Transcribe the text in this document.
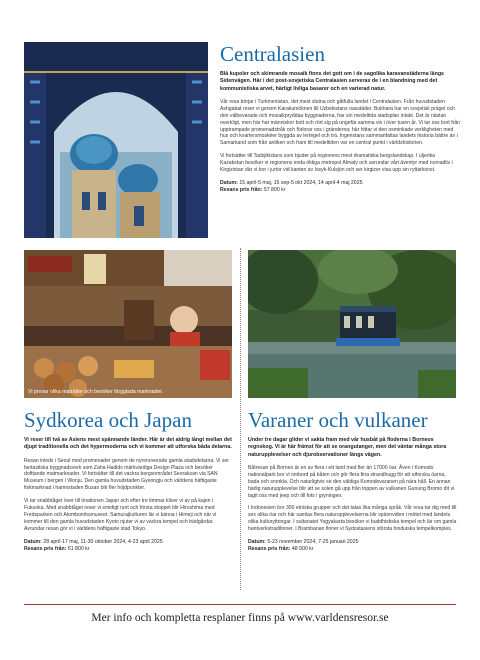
Centralasien

Blå kupoler och skimrande mosaik finns det gott om i de sagolika karavanstäderna längs Sidenvägen. Här i det post-sovjetiska Centralasien serveras de i en blandning med det kommunistiska arvet, härligt livliga basarer och en varierad natur.

Vår resa börjar i Turkmenistan, det mest slutna och gåtfulla landet i Centralasien. Från huvudstaden Ashgabat reser vi genom Karakumöknen till Uzbekistans oasstäder. Bukhara har en sovjetisk prägel och den välbevarade och mosaikpryddaa byggnaderna, har sin medeltida stadsplan intakt. Det är nästan overkligt, men här har människor bott och rört sig på ungefär samma vis i över tusen år. Vi tar oss bort från upptrampade promenadstråk och förlorar oss i gränderna; här hittar vi den osminkade verkligheten med hus och kvartersmoskéer byggda av lertegel och trä. Ingenstans sammanfattas landets historia bättre än i Samarkand som från antiken och fram till medeltiden var en central punkt i världshistorien.

Vi fortsätter till Tadzjikistans som bjuder på regionens mest dramatiska bergslandskap. I uljerika Kazakstan besöker vi regionens enda riktiga metropol Almaty och avrundar vårt äventyr med nomadliv i Kirgizistan där vi bor i jurtor vid kanten av Issyk-Kulsjön och ser kirgizer visa upp sin ryttarkonst.

Datum: 15 april-5 maj, 15 sep-5 okt 2024, 14 april-4 maj 2025

Resans pris från: 57 800 kr

Vi provar olika maträtter och besöker färgglada marknader.
Sydkorea och Japan

Vi reser till två av Asiens mest spännande länder. Här är det aldrig långt mellan det djupt traditionella och det hypermoderna och vi kommer att utforska båda delarna.

Resan inleds i Seoul med promenader genom de nyrenoverade gamla stadsdelarna. Vi ser fantastiska byggnadsverk som Zaha Hadids märkvärdiga Design Plaza och besöker dofttande matmarknader. Vi fortsätter till det vackra bergsområdet Seoraksan via SAN Museum i bergen i Wonju. Den gamla huvudstaden Gyeongju och världens häftigaste fiskmarknad i hamnstaden Busan blir fler höjdpunkter.

Vi tar snabbtåget över till önationen Japan och efter tre timmar kliver vi av på kajen i Fukuoka. Med snabbtåget reser vi smidigt runt och första stoppet blir Hiroshima med Fredsparken och Atombombsmuseet. Samurajkulturen lär vi känna i Himeji och när vi kommer till den gamla huvudstaden Kyoto njuter vi av vackra tempel och trädgårdar. Avrundar resan gör vi i världens häftigaste stad Tokyo.

Datum: 28 april-17 maj, 11-30 oktober 2024, 4-23 april 2025

Resans pris från: 61 800 kr

Varaner och vulkaner

Under tre dagar glider vi sakta fram med vår husbåt på floderna i Borneos regnskog. Vi är här främst för att se orangutanger, men det väntar många stora naturupplevelser och djurobservationer längs vägen.

Båtresan på Borneo är en av flera i ett land med fler än 17000 öar. Även i Komodo nationalpark bor vi ombord på båten och gör flera fina strandhugg för att utforska öarna, bada och snorkla. Och naturligtvis se den väldiga Komodovaranen på nära håll. En annan härlig naturupplevelse blir att se solen gå upp från toppen av vulkanen Gunung Bromo dit vi tagit oss med jeep och till fots i gryningen.

I Indonesien bor 300 etniska grupper och det talas lika många språk. Vår resa tar dig med till sex olika öar och här samlas flera naturupplevelserna blir spännviden i mötet med landets olika kulturyttringar. I sultanatet Yogyakarta besöker vi buddhistiska tempel och lär om gamla hantverkstraditioner. I Brambanan finner vi Sydostasiens största hinduiska tempelkomplex.

Datum: 5-23 november 2024, 7-25 januari 2025

Resans pris från: 48 900 kr

Mer info och kompletta resplaner finns på www.varldensresor.se
